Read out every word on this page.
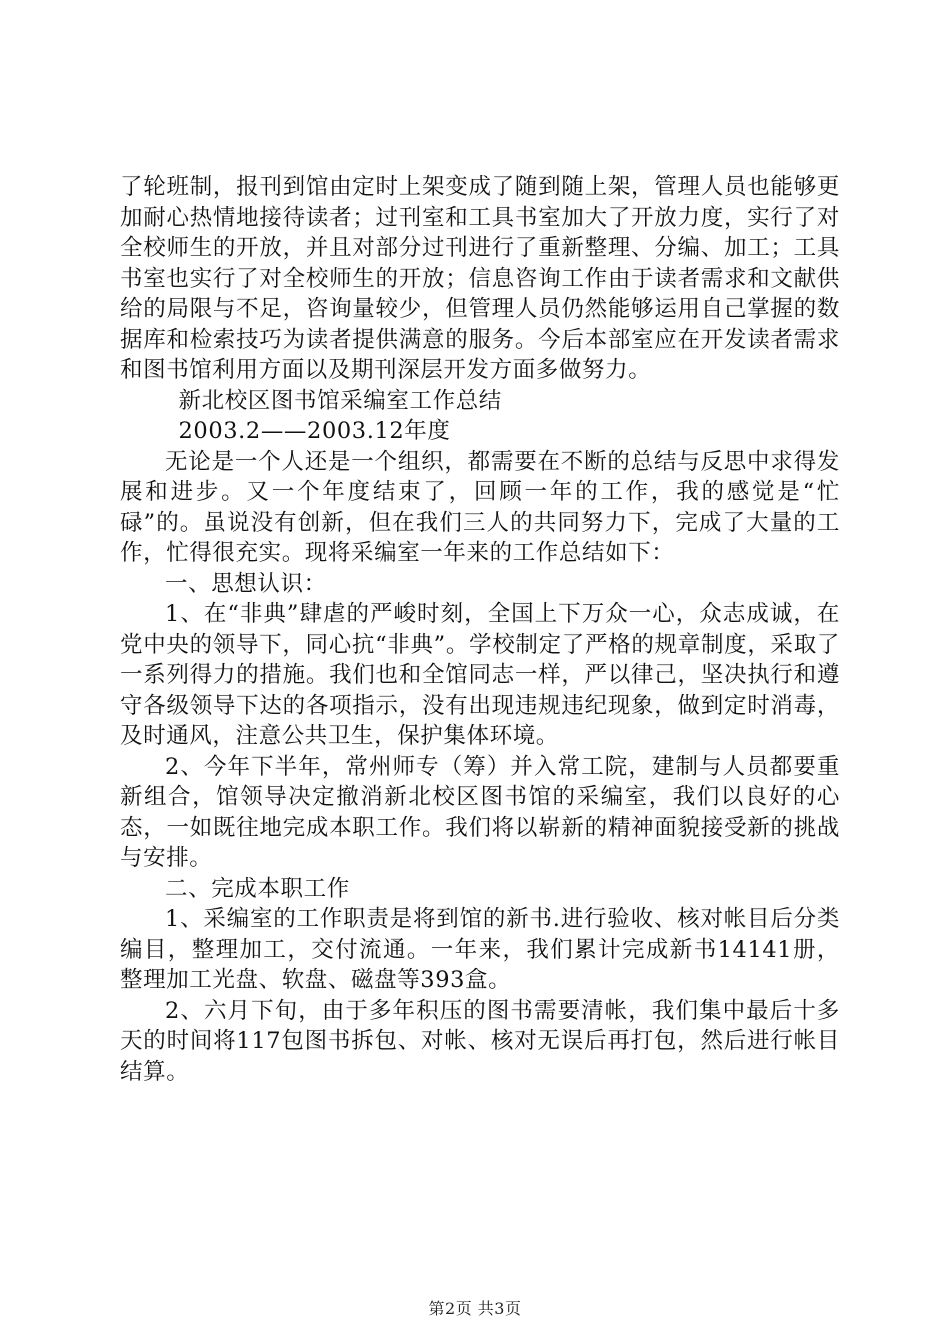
了轮班制，报刊到馆由定时上架变成了随到随上架，管理人员也能够更加耐心热情地接待读者；过刊室和工具书室加大了开放力度，实行了对全校师生的开放，并且对部分过刊进行了重新整理、分编、加工；工具书室也实行了对全校师生的开放；信息咨询工作由于读者需求和文献供给的局限与不足，咨询量较少，但管理人员仍然能够运用自己掌握的数据库和检索技巧为读者提供满意的服务。今后本部室应在开发读者需求和图书馆利用方面以及期刊深层开发方面多做努力。

新北校区图书馆采编室工作总结

2003.2——2003.12年度

无论是一个人还是一个组织，都需要在不断的总结与反思中求得发展和进步。又一个年度结束了，回顾一年的工作，我的感觉是“忙碌”的。虽说没有创新，但在我们三人的共同努力下，完成了大量的工作，忙得很充实。现将采编室一年来的工作总结如下：

一、思想认识：

1、在“非典”肆虐的严峻时刻，全国上下万众一心，众志成诚，在党中央的领导下，同心抗“非典”。学校制定了严格的规章制度，采取了一系列得力的措施。我们也和全馆同志一样，严以律己，坚决执行和遵守各级领导下达的各项指示，没有出现违规违纪现象，做到定时消毒，及时通风，注意公共卫生，保护集体环境。

2、今年下半年，常州师专（筹）并入常工院，建制与人员都要重新组合，馆领导决定撤消新北校区图书馆的采编室，我们以良好的心态，一如既往地完成本职工作。我们将以崭新的精神面貌接受新的挑战与安排。

二、完成本职工作

1、采编室的工作职责是将到馆的新书.进行验收、核对帐目后分类编目，整理加工，交付流通。一年来，我们累计完成新书14141册，整理加工光盘、软盘、磁盘等393盒。

2、六月下旬，由于多年积压的图书需要清帐，我们集中最后十多天的时间将117包图书拆包、对帐、核对无误后再打包，然后进行帐目结算。

第2页 共3页
